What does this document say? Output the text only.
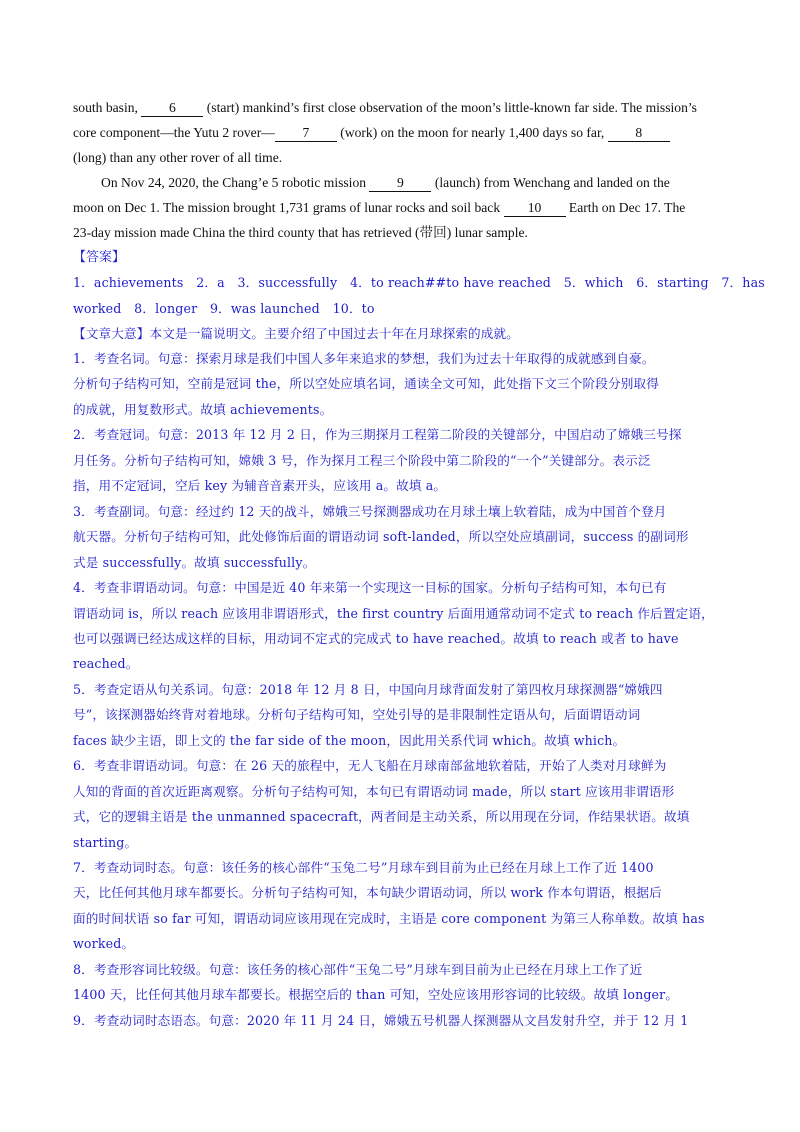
south basin, 6 (start) mankind’s first close observation of the moon’s little-known far side. The mission’s
core component—the Yutu 2 rover— 7 (work) on the moon for nearly 1,400 days so far, 8
(long) than any other rover of all time.
On Nov 24, 2020, the Chang’e 5 robotic mission 9 (launch) from Wenchang and landed on the
moon on Dec 1. The mission brought 1,731 grams of lunar rocks and soil back 10 Earth on Dec 17. The
23-day mission made China the third county that has retrieved (带回) lunar sample.
【答案】
1．achievements　2．a　3．successfully　4．to reach##to have reached　5．which　6．starting　7．has
worked　8．longer　9．was launched　10．to
【文章大意】本文是一篇说明文。主要介绍了中国过去十年在月球探索的成就。
1．考查名词。句意：探索月球是我们中国人多年来追求的梦想，我们为过去十年取得的成就感到自豪。
分析句子结构可知，空前是冠词 the，所以空处应填名词，通读全文可知，此处指下文三个阶段分别取得
的成就，用复数形式。故填 achievements。
2．考查冠词。句意：2013 年 12 月 2 日，作为三期探月工程第二阶段的关键部分，中国启动了嫦娥三号探
月任务。分析句子结构可知，嫦娥 3 号，作为探月工程三个阶段中第二阶段的“一个”关键部分。表示泛
指，用不定冠词，空后 key 为辅音音素开头，应该用 a。故填 a。
3．考查副词。句意：经过约 12 天的战斗，嫦娥三号探测器成功在月球土壤上软着陆，成为中国首个登月
航天器。分析句子结构可知，此处修饰后面的谓语动词 soft-landed，所以空处应填副词，success 的副词形
式是 successfully。故填 successfully。
4．考查非谓语动词。句意：中国是近 40 年来第一个实现这一目标的国家。分析句子结构可知，本句已有
谓语动词 is，所以 reach 应该用非谓语形式，the first country 后面用通常动词不定式 to reach 作后置定语，
也可以强调已经达成这样的目标，用动词不定式的完成式 to have reached。故填 to reach 或者 to have
reached。
5．考查定语从句关系词。句意：2018 年 12 月 8 日，中国向月球背面发射了第四枚月球探测器“嫦娥四
号”，该探测器始终背对着地球。分析句子结构可知，空处引导的是非限制性定语从句，后面谓语动词
faces 缺少主语，即上文的 the far side of the moon，因此用关系代词 which。故填 which。
6．考查非谓语动词。句意：在 26 天的旅程中，无人飞船在月球南部盆地软着陆，开始了人类对月球鲜为
人知的背面的首次近距离观察。分析句子结构可知，本句已有谓语动词 made，所以 start 应该用非谓语形
式，它的逻辑主语是 the unmanned spacecraft，两者间是主动关系，所以用现在分词，作结果状语。故填
starting。
7．考查动词时态。句意：该任务的核心部件“玉兔二号”月球车到目前为止已经在月球上工作了近 1400
天，比任何其他月球车都要长。分析句子结构可知，本句缺少谓语动词，所以 work 作本句谓语，根据后
面的时间状语 so far 可知，谓语动词应该用现在完成时，主语是 core component 为第三人称单数。故填 has
worked。
8．考查形容词比较级。句意：该任务的核心部件“玉兔二号”月球车到目前为止已经在月球上工作了近
1400 天，比任何其他月球车都要长。根据空后的 than 可知，空处应该用形容词的比较级。故填 longer。
9．考查动词时态语态。句意：2020 年 11 月 24 日，嫦娥五号机器人探测器从文昌发射升空，并于 12 月 1
